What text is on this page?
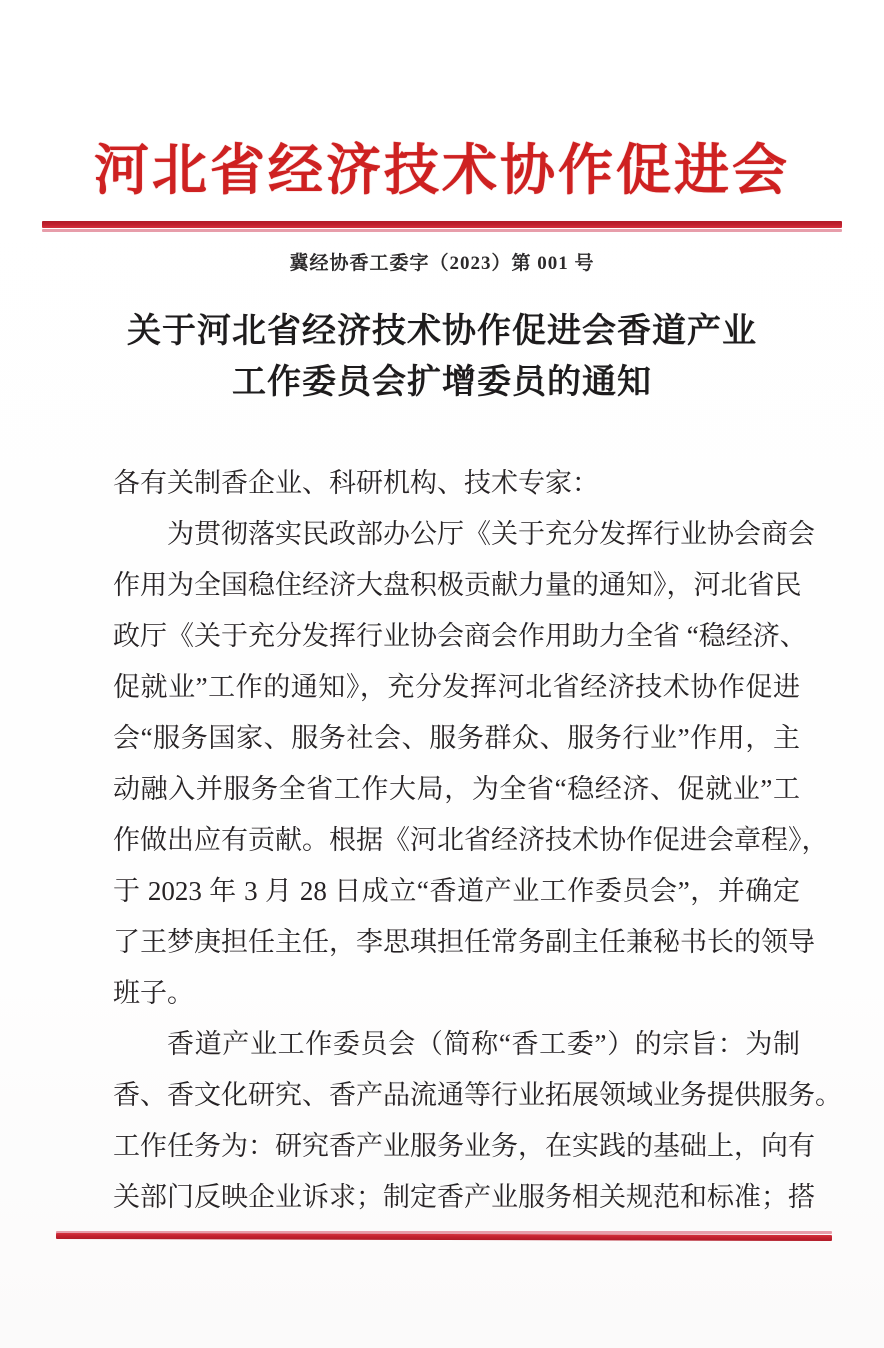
河北省经济技术协作促进会
冀经协香工委字（2023）第 001 号
关于河北省经济技术协作促进会香道产业
工作委员会扩增委员的通知
各有关制香企业、科研机构、技术专家：
为贯彻落实民政部办公厅《关于充分发挥行业协会商会
作用为全国稳住经济大盘积极贡献力量的通知》，河北省民
政厅《关于充分发挥行业协会商会作用助力全省 “稳经济、
促就业”工作的通知》，充分发挥河北省经济技术协作促进
会“服务国家、服务社会、服务群众、服务行业”作用，主
动融入并服务全省工作大局，为全省“稳经济、促就业”工
作做出应有贡献。根据《河北省经济技术协作促进会章程》，
于 2023 年 3 月 28 日成立“香道产业工作委员会”，并确定
了王梦庚担任主任，李思琪担任常务副主任兼秘书长的领导
班子。
香道产业工作委员会（简称“香工委”）的宗旨：为制
香、香文化研究、香产品流通等行业拓展领域业务提供服务。
工作任务为：研究香产业服务业务，在实践的基础上，向有
关部门反映企业诉求；制定香产业服务相关规范和标准；搭
